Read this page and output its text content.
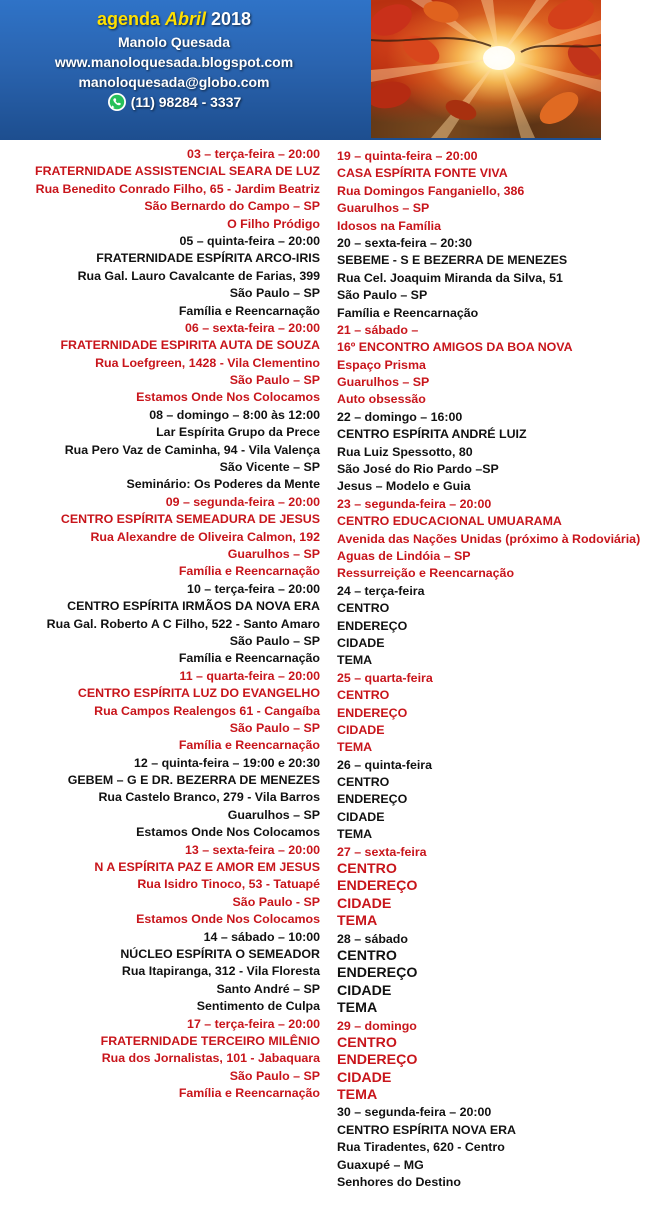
agenda Abril 2018
Manolo Quesada
www.manoloquesada.blogspot.com
manoloquesada@globo.com
(11) 98284 - 3337
03 – terça-feira – 20:00
FRATERNIDADE ASSISTENCIAL SEARA DE LUZ
Rua Benedito Conrado Filho, 65 - Jardim Beatriz
São Bernardo do Campo – SP
O Filho Pródigo
05 – quinta-feira – 20:00
FRATERNIDADE ESPÍRITA ARCO-IRIS
Rua Gal. Lauro Cavalcante de Farias, 399
São Paulo – SP
Família e Reencarnação
06 – sexta-feira – 20:00
FRATERNIDADE ESPIRITA AUTA DE SOUZA
Rua Loefgreen, 1428 - Vila Clementino
São Paulo – SP
Estamos Onde Nos Colocamos
08 – domingo – 8:00 às 12:00
Lar Espírita Grupo da Prece
Rua Pero Vaz de Caminha, 94 - Vila Valença
São Vicente – SP
Seminário: Os Poderes da Mente
09 – segunda-feira – 20:00
CENTRO ESPÍRITA SEMEADURA DE JESUS
Rua Alexandre de Oliveira Calmon, 192
Guarulhos – SP
Família e Reencarnação
10 – terça-feira – 20:00
CENTRO ESPÍRITA IRMÃOS DA NOVA ERA
Rua Gal. Roberto A C Filho, 522 - Santo Amaro
São Paulo – SP
Família e Reencarnação
11 – quarta-feira – 20:00
CENTRO ESPÍRITA LUZ DO EVANGELHO
Rua Campos Realengos 61 - Cangaíba
São Paulo – SP
Família e Reencarnação
12 – quinta-feira – 19:00 e 20:30
GEBEM – G E DR. BEZERRA DE MENEZES
Rua Castelo Branco, 279 - Vila Barros
Guarulhos – SP
Estamos Onde Nos Colocamos
13 – sexta-feira – 20:00
N A ESPÍRITA PAZ E AMOR EM JESUS
Rua Isidro Tinoco, 53 - Tatuapé
São Paulo - SP
Estamos Onde Nos Colocamos
14 – sábado – 10:00
NÚCLEO ESPÍRITA O SEMEADOR
Rua Itapiranga, 312 - Vila Floresta
Santo André – SP
Sentimento de Culpa
17 – terça-feira – 20:00
FRATERNIDADE TERCEIRO MILÊNIO
Rua dos Jornalistas, 101 - Jabaquara
São Paulo – SP
Família e Reencarnação
19 – quinta-feira – 20:00
CASA ESPÍRITA FONTE VIVA
Rua Domingos Fanganiello, 386
Guarulhos – SP
Idosos na Família
20 – sexta-feira – 20:30
SEBEME - S E BEZERRA DE MENEZES
Rua Cel. Joaquim Miranda da Silva, 51
São Paulo – SP
Família e Reencarnação
21 – sábado –
16º ENCONTRO AMIGOS DA BOA NOVA
Espaço Prisma
Guarulhos – SP
Auto obsessão
22 – domingo – 16:00
CENTRO ESPÍRITA ANDRÉ LUIZ
Rua Luiz Spessotto, 80
São José do Rio Pardo –SP
Jesus – Modelo e Guia
23 – segunda-feira – 20:00
CENTRO EDUCACIONAL UMUARAMA
Avenida das Nações Unidas (próximo à Rodoviária)
Aguas de Lindóia – SP
Ressurreição e Reencarnação
24 – terça-feira
CENTRO
ENDEREÇO
CIDADE
TEMA
25 – quarta-feira
CENTRO
ENDEREÇO
CIDADE
TEMA
26 – quinta-feira
CENTRO
ENDEREÇO
CIDADE
TEMA
27 – sexta-feira
CENTRO
ENDEREÇO
CIDADE
TEMA
28 – sábado
CENTRO
ENDEREÇO
CIDADE
TEMA
29 – domingo
CENTRO
ENDEREÇO
CIDADE
TEMA
30 – segunda-feira – 20:00
CENTRO ESPÍRITA NOVA ERA
Rua Tiradentes, 620 - Centro
Guaxupé – MG
Senhores do Destino
